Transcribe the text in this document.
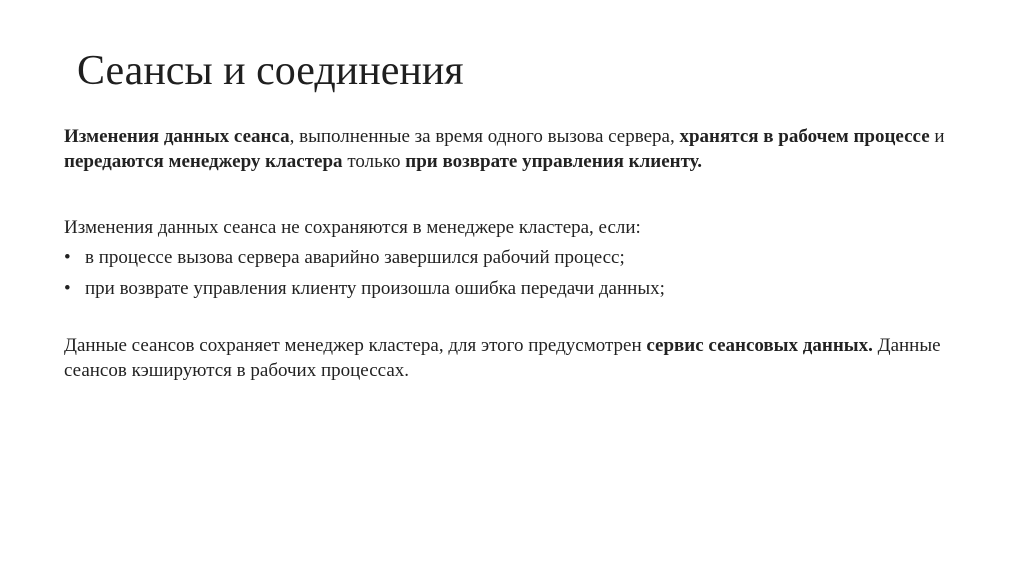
Сеансы и соединения

Изменения данных сеанса, выполненные за время одного вызова сервера, хранятся в рабочем процессе и передаются менеджеру кластера только при возврате управления клиенту.

Изменения данных сеанса не сохраняются в менеджере кластера, если:

• в процессе вызова сервера аварийно завершился рабочий процесс;
• при возврате управления клиенту произошла ошибка передачи данных;

Данные сеансов сохраняет менеджер кластера, для этого предусмотрен сервис сеансовых данных. Данные сеансов кэшируются в рабочих процессах.
